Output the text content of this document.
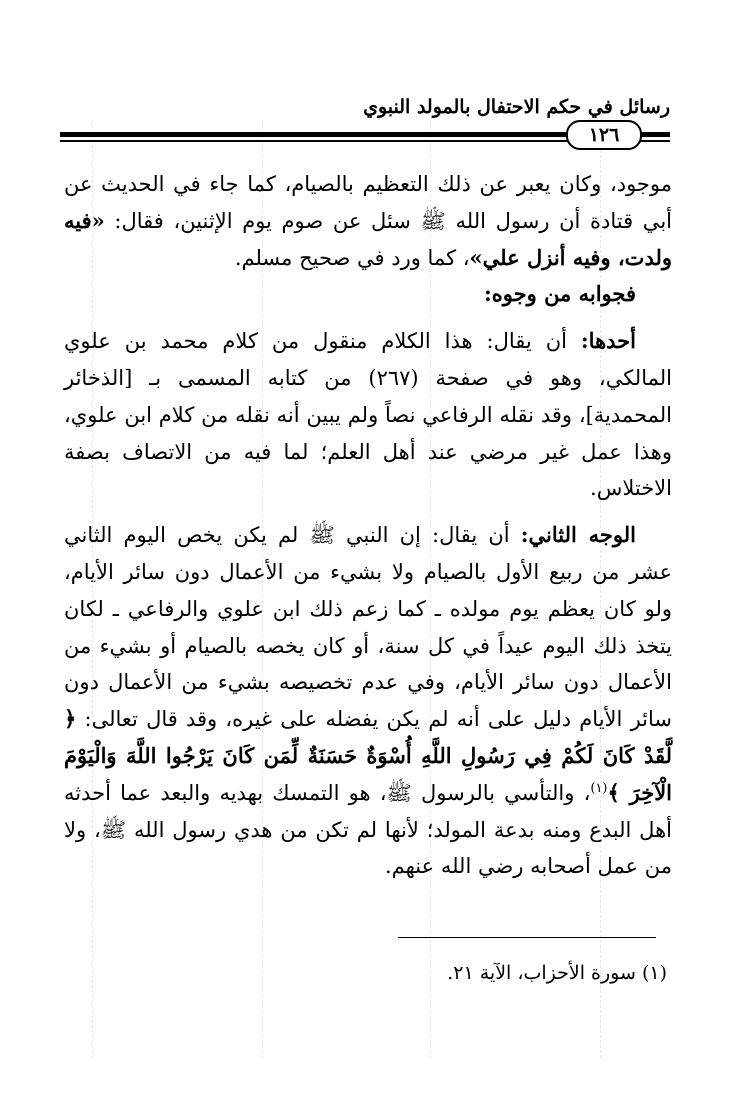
رسائل في حكم الاحتفال بالمولد النبوي
١٢٦

موجود، وكان يعبر عن ذلك التعظيم بالصيام، كما جاء في الحديث عن أبي قتادة أن رسول الله ﷺ سئل عن صوم يوم الإثنين، فقال: «فيه ولدت، وفيه أنزل علي»، كما ورد في صحيح مسلم.

فجوابه من وجوه:

أحدها: أن يقال: هذا الكلام منقول من كلام محمد بن علوي المالكي، وهو في صفحة (٢٦٧) من كتابه المسمى بـ [الذخائر المحمدية]، وقد نقله الرفاعي نصاً ولم يبين أنه نقله من كلام ابن علوي، وهذا عمل غير مرضي عند أهل العلم؛ لما فيه من الاتصاف بصفة الاختلاس.

الوجه الثاني: أن يقال: إن النبي ﷺ لم يكن يخص اليوم الثاني عشر من ربيع الأول بالصيام ولا بشيء من الأعمال دون سائر الأيام، ولو كان يعظم يوم مولده ـ كما زعم ذلك ابن علوي والرفاعي ـ لكان يتخذ ذلك اليوم عيداً في كل سنة، أو كان يخصه بالصيام أو بشيء من الأعمال دون سائر الأيام، وفي عدم تخصيصه بشيء من الأعمال دون سائر الأيام دليل على أنه لم يكن يفضله على غيره، وقد قال تعالى: ﴿ لَّقَدْ كَانَ لَكُمْ فِي رَسُولِ اللَّهِ أُسْوَةٌ حَسَنَةٌ لِّمَن كَانَ يَرْجُوا اللَّهَ وَالْيَوْمَ الْآخِرَ ﴾$^{(١)}$، والتأسي بالرسول ﷺ، هو التمسك بهديه والبعد عما أحدثه أهل البدع ومنه بدعة المولد؛ لأنها لم تكن من هدي رسول الله ﷺ، ولا من عمل أصحابه رضي الله عنهم.

(١) سورة الأحزاب، الآية ٢١.
